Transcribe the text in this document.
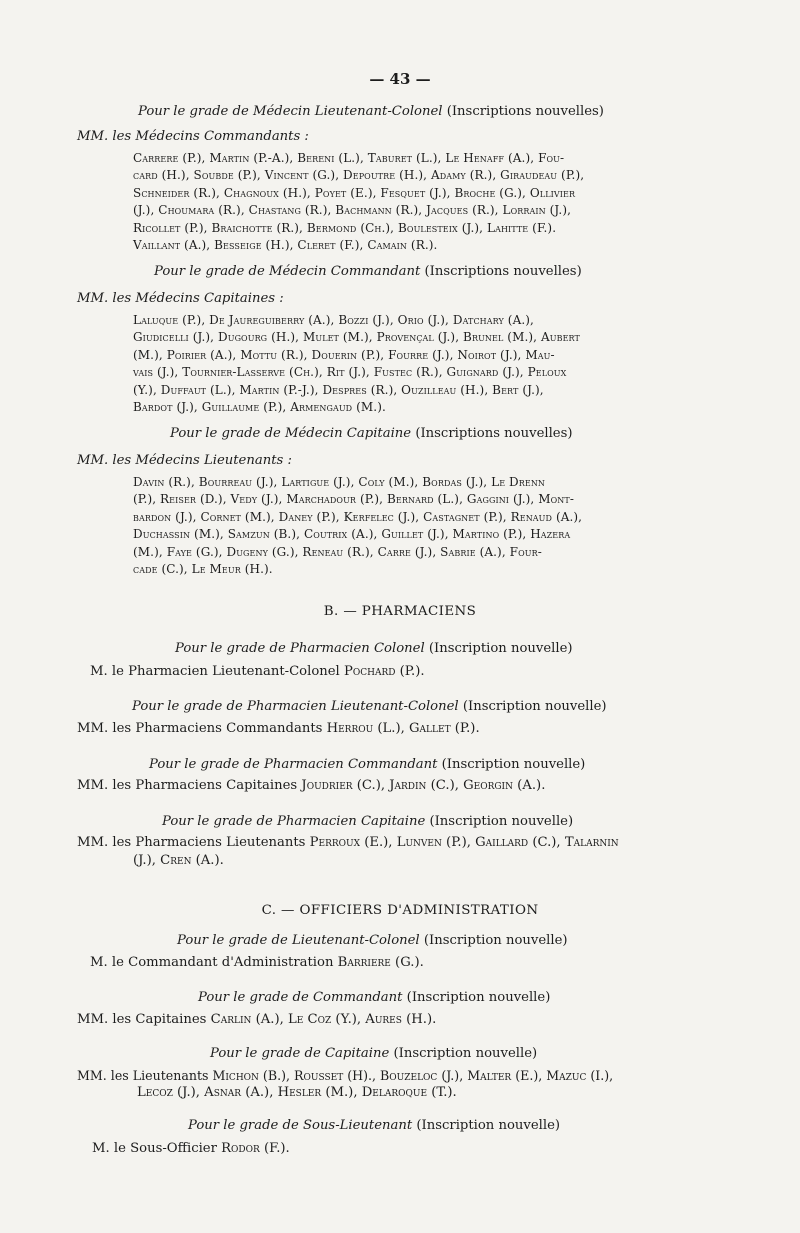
— 43 —
Pour le grade de Médecin Lieutenant-Colonel (Inscriptions nouvelles)
MM. les Médecins Commandants :

Carrere (P.), Martin (P.-A.), Bereni (L.), Taburet (L.), Le Henaff (A.), Fou-

card (H.), Soubde (P.), Vincent (G.), Depoutre (H.), Adamy (R.), Giraudeau (P.),

Schneider (R.), Chagnoux (H.), Poyet (E.), Fesquet (J.), Broche (G.), Ollivier

(J.), Choumara (R.), Chastang (R.), Bachmann (R.), Jacques (R.), Lorrain (J.),

Ricollet (P.), Braichotte (R.), Bermond (Ch.), Boulesteix (J.), Lahitte (F.).

Vaillant (A.), Besseige (H.), Cleret (F.), Camain (R.).

Pour le grade de Médecin Commandant (Inscriptions nouvelles)
MM. les Médecins Capitaines :

Laluque (P.), De Jaureguiberry (A.), Bozzi (J.), Orio (J.), Datchary (A.),

Giudicelli (J.), Dugourg (H.), Mulet (M.), Provençal (J.), Brunel (M.), Aubert

(M.), Poirier (A.), Mottu (R.), Douerin (P.), Fourre (J.), Noirot (J.), Mau-

vais (J.), Tournier-Lasserve (Ch.), Rit (J.), Fustec (R.), Guignard (J.), Peloux

(Y.), Duffaut (L.), Martin (P.-J.), Despres (R.), Ouzilleau (H.), Bert (J.),

Bardot (J.), Guillaume (P.), Armengaud (M.).

Pour le grade de Médecin Capitaine (Inscriptions nouvelles)
MM. les Médecins Lieutenants :

Davin (R.), Bourreau (J.), Lartigue (J.), Coly (M.), Bordas (J.), Le Drenn

(P.), Reiser (D.), Vedy (J.), Marchadour (P.), Bernard (L.), Gaggini (J.), Mont-

bardon (J.), Cornet (M.), Daney (P.), Kerfelec (J.), Castagnet (P.), Renaud (A.),

Duchassin (M.), Samzun (B.), Coutrix (A.), Guillet (J.), Martino (P.), Hazera

(M.), Faye (G.), Dugeny (G.), Reneau (R.), Carre (J.), Sabrie (A.), Four-

cade (C.), Le Meur (H.).

B. — PHARMACIENS
Pour le grade de Pharmacien Colonel (Inscription nouvelle)
M. le Pharmacien Lieutenant-Colonel Pochard (P.).
Pour le grade de Pharmacien Lieutenant-Colonel (Inscription nouvelle)
MM. les Pharmaciens Commandants Herrou (L.), Gallet (P.).
Pour le grade de Pharmacien Commandant (Inscription nouvelle)
MM. les Pharmaciens Capitaines Joudrier (C.), Jardin (C.), Georgin (A.).
Pour le grade de Pharmacien Capitaine (Inscription nouvelle)
MM. les Pharmaciens Lieutenants Perroux (E.), Lunven (P.), Gaillard (C.), Talarnin
(J.), Cren (A.).
C. — OFFICIERS D'ADMINISTRATION
Pour le grade de Lieutenant-Colonel (Inscription nouvelle)
M. le Commandant d'Administration Barriere (G.).
Pour le grade de Commandant (Inscription nouvelle)
MM. les Capitaines Carlin (A.), Le Coz (Y.), Aures (H.).
Pour le grade de Capitaine (Inscription nouvelle)
MM. les Lieutenants Michon (B.), Rousset (H)., Bouzeloc (J.), Malter (E.), Mazuc (I.),
Lecoz (J.), Asnar (A.), Hesler (M.), Delaroque (T.).
Pour le grade de Sous-Lieutenant (Inscription nouvelle)
M. le Sous-Officier Rodor (F.).
